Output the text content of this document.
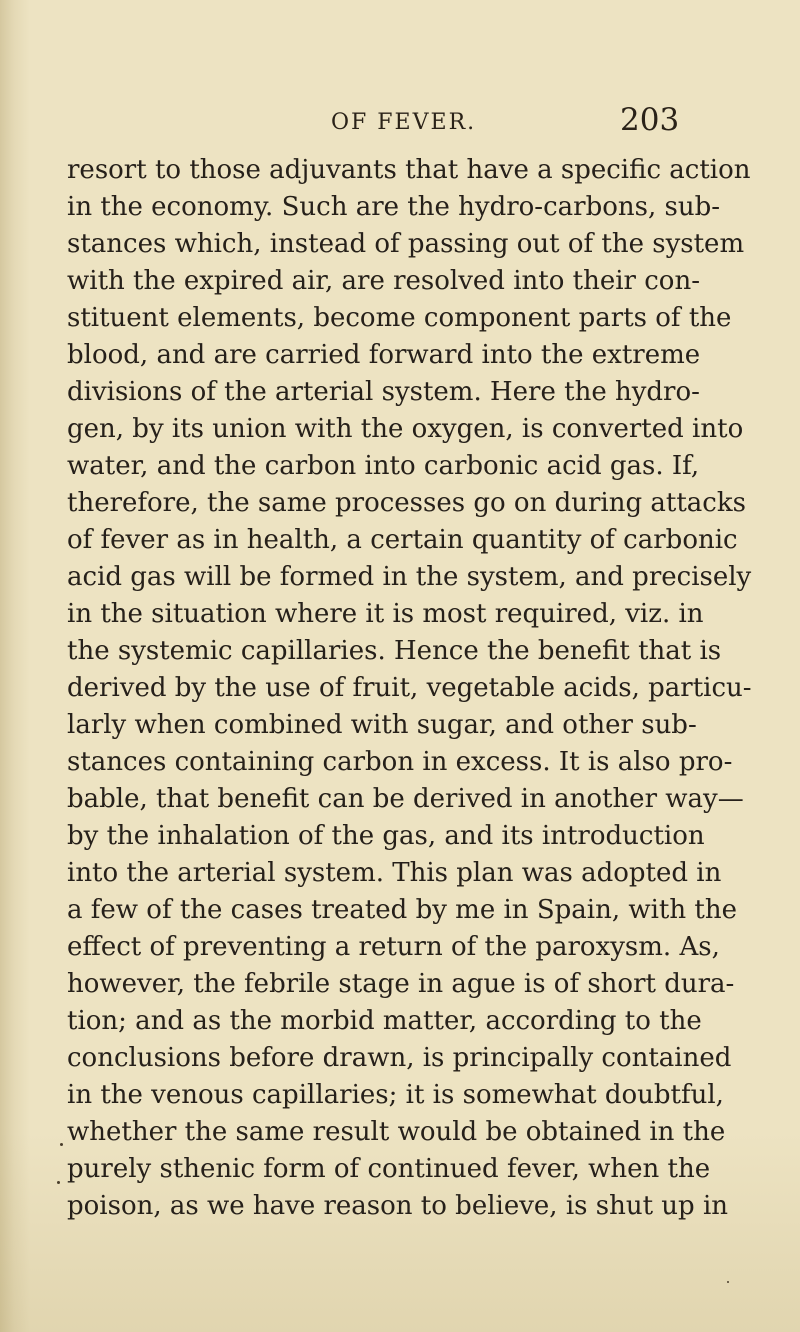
OF FEVER.	203
resort to those adjuvants that have a specific action
in the economy. Such are the hydro-carbons, sub-
stances which, instead of passing out of the system
with the expired air, are resolved into their con-
stituent elements, become component parts of the
blood, and are carried forward into the extreme
divisions of the arterial system. Here the hydro-
gen, by its union with the oxygen, is converted into
water, and the carbon into carbonic acid gas. If,
therefore, the same processes go on during attacks
of fever as in health, a certain quantity of carbonic
acid gas will be formed in the system, and precisely
in the situation where it is most required, viz. in
the systemic capillaries. Hence the benefit that is
derived by the use of fruit, vegetable acids, particu-
larly when combined with sugar, and other sub-
stances containing carbon in excess. It is also pro-
bable, that benefit can be derived in another way—
by the inhalation of the gas, and its introduction
into the arterial system. This plan was adopted in
a few of the cases treated by me in Spain, with the
effect of preventing a return of the paroxysm. As,
however, the febrile stage in ague is of short dura-
tion; and as the morbid matter, according to the
conclusions before drawn, is principally contained
in the venous capillaries; it is somewhat doubtful,
whether the same result would be obtained in the
purely sthenic form of continued fever, when the
poison, as we have reason to believe, is shut up in
